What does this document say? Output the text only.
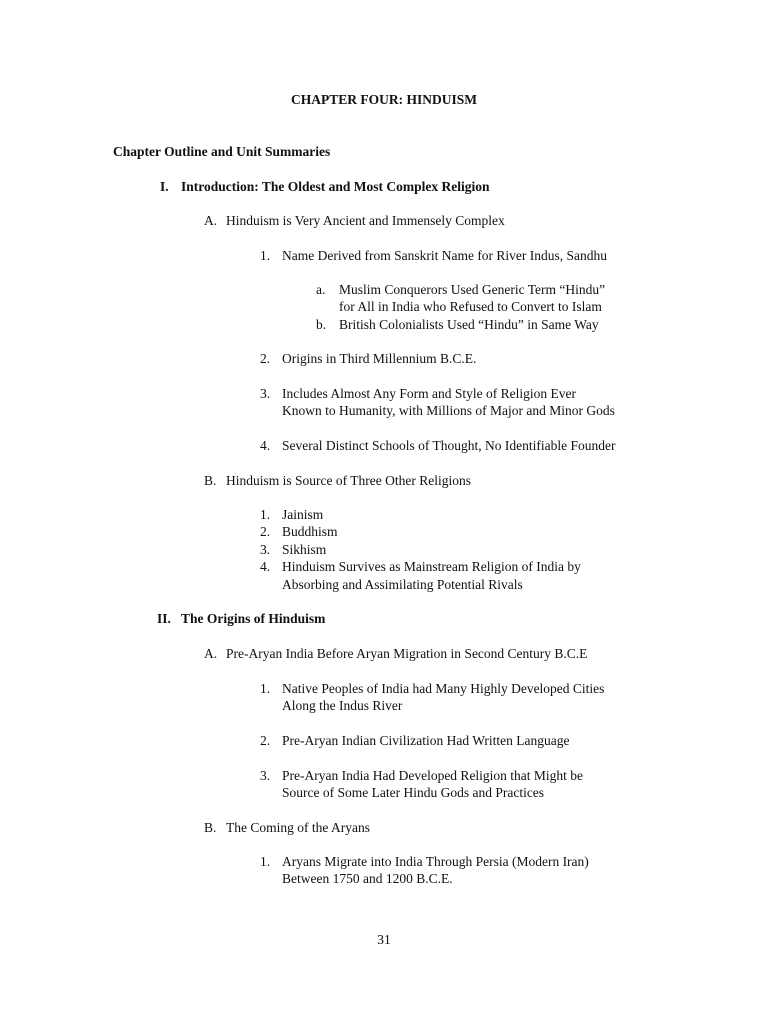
CHAPTER FOUR: HINDUISM
Chapter Outline and Unit Summaries
I. Introduction: The Oldest and Most Complex Religion
A. Hinduism is Very Ancient and Immensely Complex
1. Name Derived from Sanskrit Name for River Indus, Sandhu
a. Muslim Conquerors Used Generic Term “Hindu”
for All in India who Refused to Convert to Islam
b. British Colonialists Used “Hindu” in Same Way
2. Origins in Third Millennium B.C.E.
3. Includes Almost Any Form and Style of Religion Ever
Known to Humanity, with Millions of Major and Minor Gods
4. Several Distinct Schools of Thought, No Identifiable Founder
B. Hinduism is Source of Three Other Religions
1. Jainism
2. Buddhism
3. Sikhism
4. Hinduism Survives as Mainstream Religion of India by
Absorbing and Assimilating Potential Rivals
II. The Origins of Hinduism
A. Pre-Aryan India Before Aryan Migration in Second Century B.C.E
1. Native Peoples of India had Many Highly Developed Cities
Along the Indus River
2. Pre-Aryan Indian Civilization Had Written Language
3. Pre-Aryan India Had Developed Religion that Might be
Source of Some Later Hindu Gods and Practices
B. The Coming of the Aryans
1. Aryans Migrate into India Through Persia (Modern Iran)
Between 1750 and 1200 B.C.E.
31
